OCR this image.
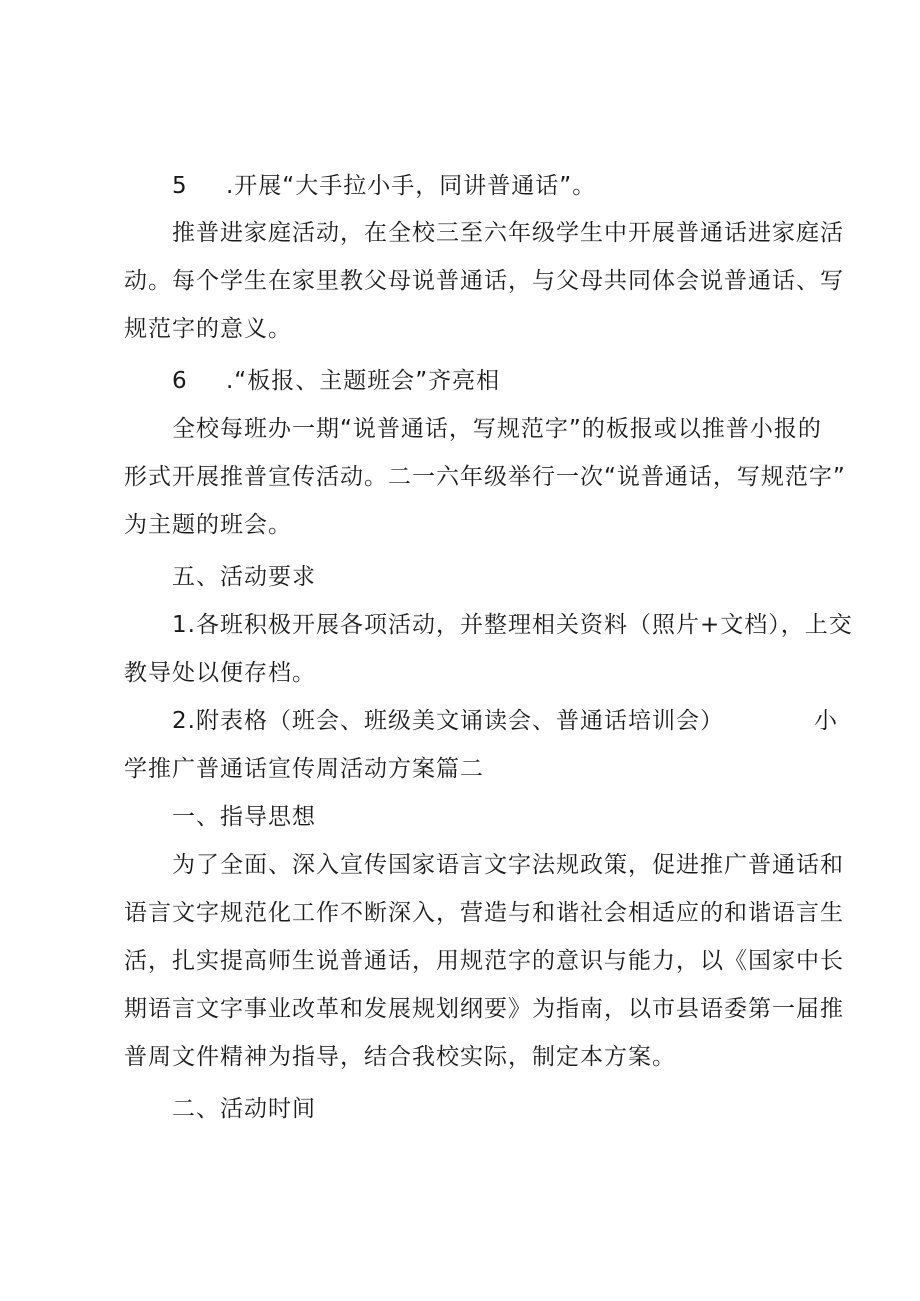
5 .开展“大手拉小手，同讲普通话”。
推普进家庭活动，在全校三至六年级学生中开展普通话进家庭活
动。每个学生在家里教父母说普通话，与父母共同体会说普通话、写
规范字的意义。
6 .“板报、主题班会”齐亮相
全校每班办一期“说普通话，写规范字”的板报或以推普小报的
形式开展推普宣传活动。二一六年级举行一次“说普通话，写规范字”
为主题的班会。
五、活动要求
1.各班积极开展各项活动，并整理相关资料（照片+文档），上交
教导处以便存档。
2.附表格（班会、班级美文诵读会、普通话培训会）	小
学推广普通话宣传周活动方案篇二
一、指导思想
为了全面、深入宣传国家语言文字法规政策，促进推广普通话和
语言文字规范化工作不断深入，营造与和谐社会相适应的和谐语言生
活，扎实提高师生说普通话，用规范字的意识与能力，以《国家中长
期语言文字事业改革和发展规划纲要》为指南，以市县语委第一届推
普周文件精神为指导，结合我校实际，制定本方案。
二、活动时间
